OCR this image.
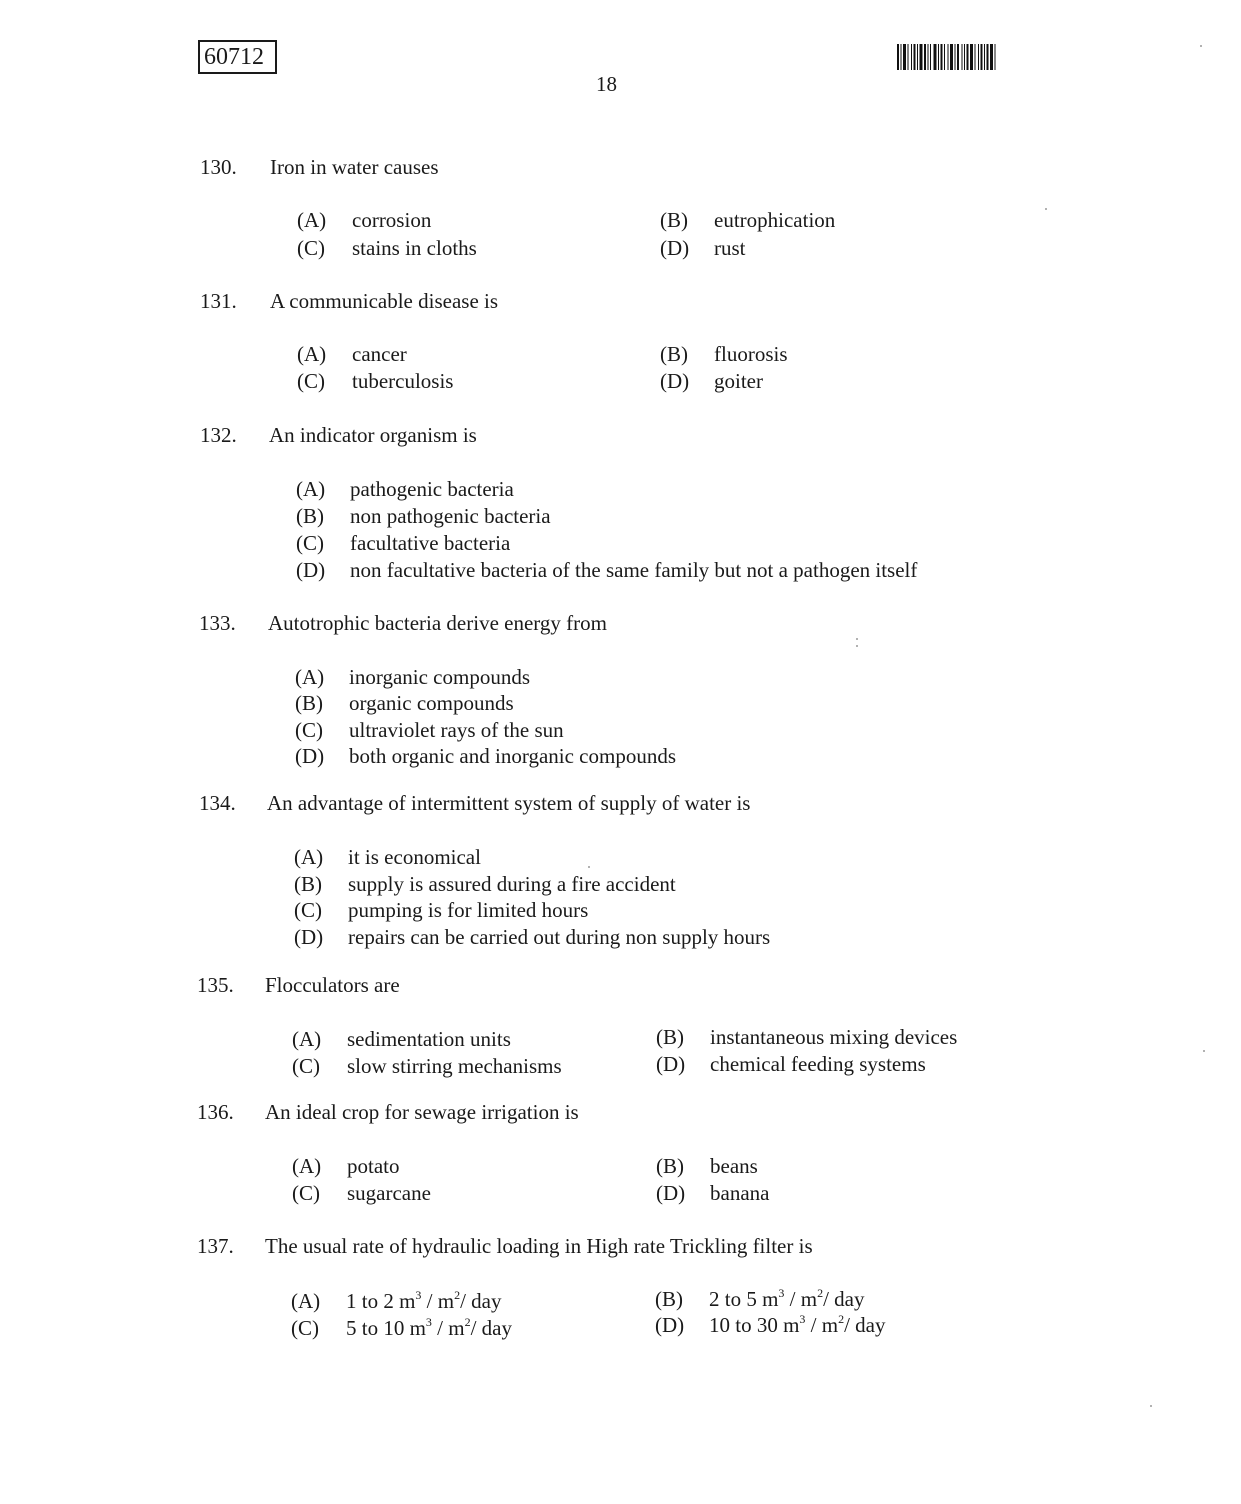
60712
18
130. Iron in water causes
(A) corrosion	(B) eutrophication
(C) stains in cloths	(D) rust
131. A communicable disease is
(A) cancer	(B) fluorosis
(C) tuberculosis	(D) goiter
132. An indicator organism is
(A) pathogenic bacteria
(B) non pathogenic bacteria
(C) facultative bacteria
(D) non facultative bacteria of the same family but not a pathogen itself
133. Autotrophic bacteria derive energy from
(A) inorganic compounds
(B) organic compounds
(C) ultraviolet rays of the sun
(D) both organic and inorganic compounds
134. An advantage of intermittent system of supply of water is
(A) it is economical
(B) supply is assured during a fire accident
(C) pumping is for limited hours
(D) repairs can be carried out during non supply hours
135. Flocculators are
(A) sedimentation units	(B) instantaneous mixing devices
(C) slow stirring mechanisms	(D) chemical feeding systems
136. An ideal crop for sewage irrigation is
(A) potato	(B) beans
(C) sugarcane	(D) banana
137. The usual rate of hydraulic loading in High rate Trickling filter is
(A) 1 to 2 $m^3 / m^2/$ day	(B) 2 to 5 $m^3 / m^2/$ day
(C) 5 to 10 $m^3 / m^2/$ day	(D) 10 to 30 $m^3 / m^2/$ day
